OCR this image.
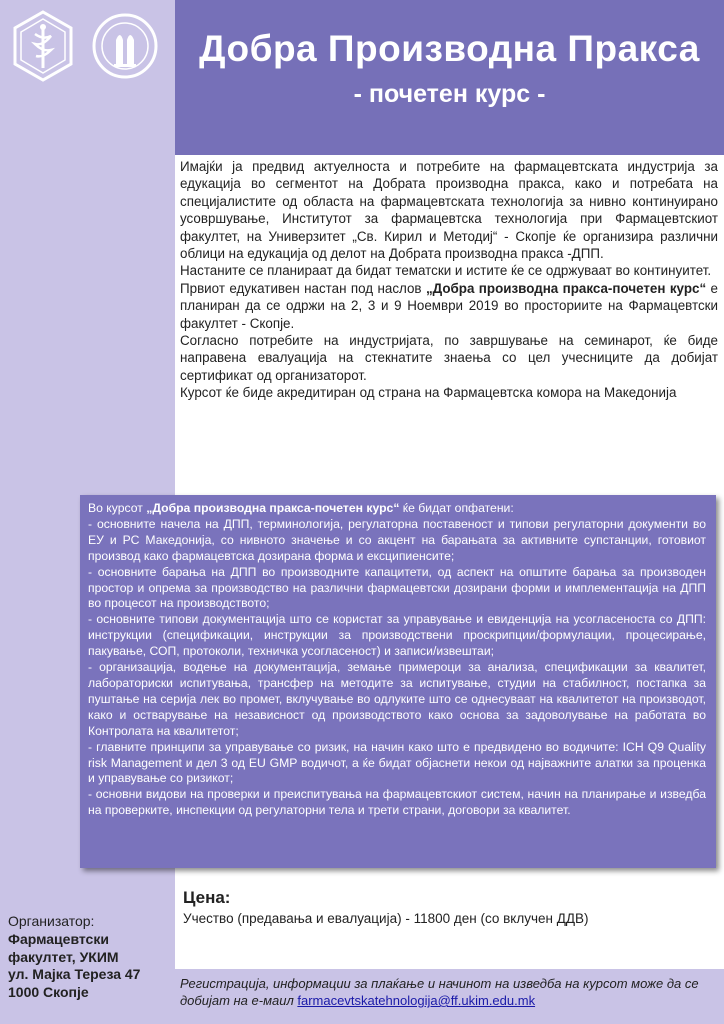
Добра Производна Пракса
- почетен курс -

Имајќи ја предвид актуелноста и потребите на фармацевтската индустрија за едукација во сегментот на Добрата производна пракса, како и потребата на специјалистите од областа на фармацевтската технологија за нивно континуирано усовршување, Институтот за фармацевтска технологија при Фармацевтскиот факултет, на Универзитет „Св. Кирил и Методиј“ - Скопје ќе организира различни облици на едукација од делот на Добрата производна пракса -ДПП.

Настаните се планираат да бидат тематски и истите ќе се одржуваат во континуитет.

Првиот едукативен настан под наслов „Добра производна пракса-почетен курс“ е планиран да се одржи на 2, 3 и 9 Ноември 2019 во просториите на Фармацевтски факултет - Скопје.

Согласно потребите на индустријата, по завршување на семинарот, ќе биде направена евалуација на стекнатите знаења со цел учесниците да добијат сертификат од организаторот.

Курсот ќе биде акредитиран од страна на Фармацевтска комора на Македонија

Во курсот „Добра производна пракса-почетен курс“ ќе бидат опфатени:

- основните начела на ДПП, терминологија, регулаторна поставеност и типови регулаторни документи во ЕУ и РС Македонија, со нивното значење и со акцент на барањата за активните супстанции, готовиот производ како фармацевтска дозирана форма и ексципиенсите;

- основните барања на ДПП во производните капацитети, од аспект на општите барања за производен простор и опрема за производство на различни фармацевтски дозирани форми и имплементација на ДПП во процесот на производството;

- основните типови документација што се користат за управување и евиденција на усогласеноста со ДПП: инструкции (спецификации, инструкции за производствени проскрипции/формулации, процесирање, пакување, СОП, протоколи, техничка усогласеност) и записи/извештаи;

- организација, водење на документација, земање примероци за анализа, спецификации за квалитет, лабораториски испитувања, трансфер на методите за испитување, студии на стабилност, постапка за пуштање на серија лек во промет, вклучување во одлуките што се однесуваат на квалитетот на производот, како и остварување на независност од производството како основа за задоволување на работата во Контролата на квалитетот;

- главните принципи за управување со ризик, на начин како што е предвидено во водичите: ICH Q9 Quality risk Management и дел 3 од EU GMP водичот, а ќе бидат објаснети некои од најважните алатки за проценка и управување со ризикот;

- основни видови на проверки и преиспитувања на фармацевтскиот систем, начин на планирање и изведба на проверките, инспекции од регулаторни тела и трети страни, договори за квалитет.

Цена:
Учество (предавања и евалуација) - 11800 ден (со вклучен ДДВ)
Организатор:
Фармацевтски
факултет, УКИМ
ул. Мајка Тереза 47
1000 Скопје
Регистрација, информации за плаќање и начинот на изведба на курсот може да се добијат на е-маил farmacevtskatehnologija@ff.ukim.edu.mk
